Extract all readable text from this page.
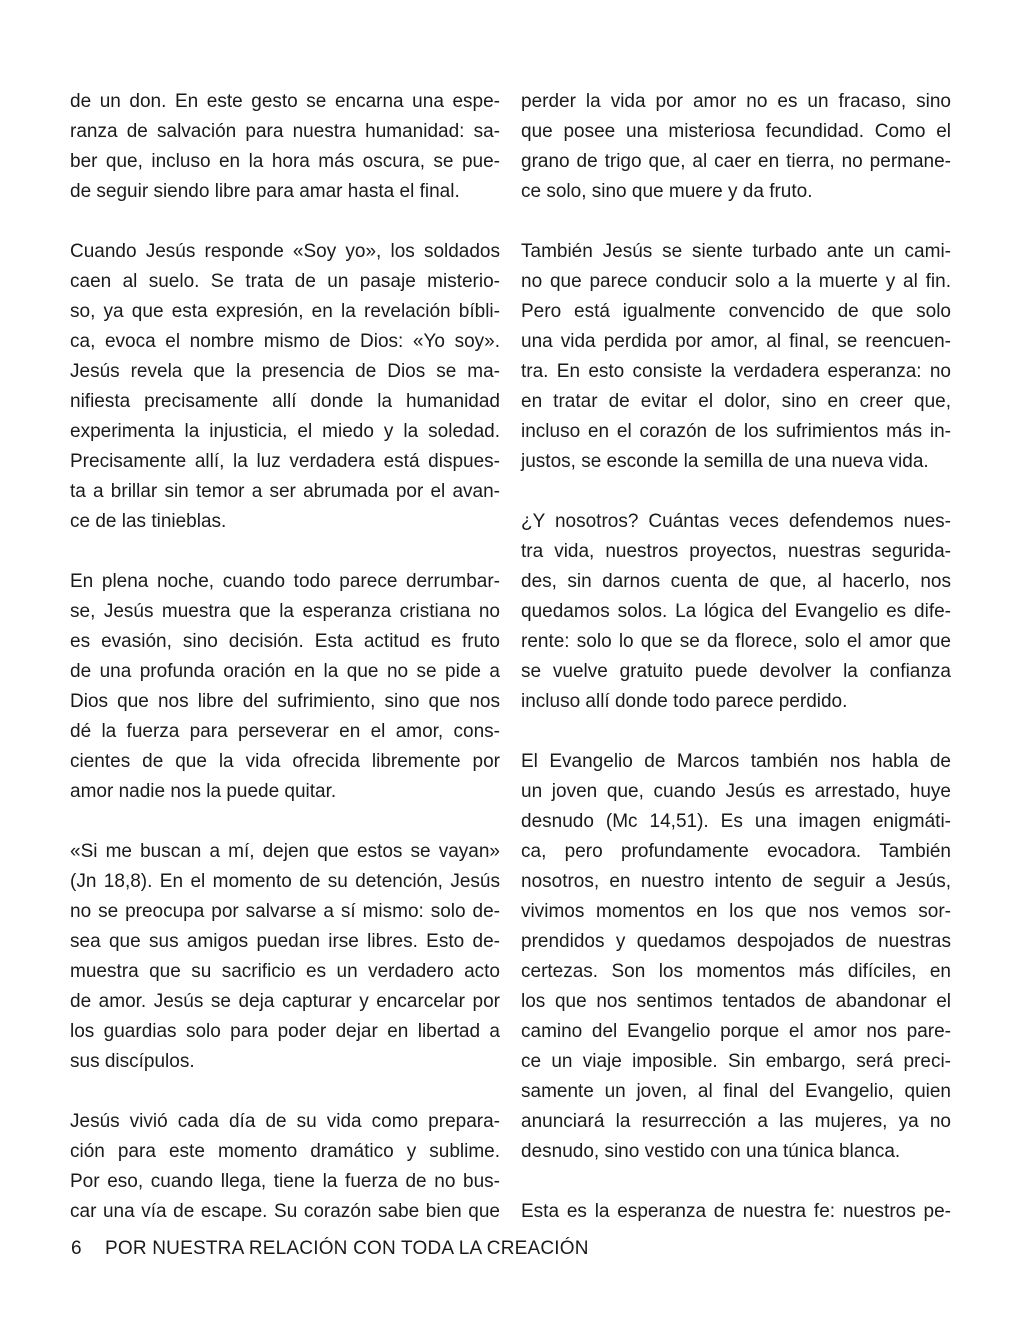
de un don. En este gesto se encarna una espe-
ranza de salvación para nuestra humanidad: sa-
ber que, incluso en la hora más oscura, se pue-
de seguir siendo libre para amar hasta el final.
Cuando Jesús responde «Soy yo», los soldados
caen al suelo. Se trata de un pasaje misterio-
so, ya que esta expresión, en la revelación bíbli-
ca, evoca el nombre mismo de Dios: «Yo soy».
Jesús revela que la presencia de Dios se ma-
nifiesta precisamente allí donde la humanidad
experimenta la injusticia, el miedo y la soledad.
Precisamente allí, la luz verdadera está dispues-
ta a brillar sin temor a ser abrumada por el avan-
ce de las tinieblas.
En plena noche, cuando todo parece derrumbar-
se, Jesús muestra que la esperanza cristiana no
es evasión, sino decisión. Esta actitud es fruto
de una profunda oración en la que no se pide a
Dios que nos libre del sufrimiento, sino que nos
dé la fuerza para perseverar en el amor, cons-
cientes de que la vida ofrecida libremente por
amor nadie nos la puede quitar.
«Si me buscan a mí, dejen que estos se vayan»
(Jn 18,8). En el momento de su detención, Jesús
no se preocupa por salvarse a sí mismo: solo de-
sea que sus amigos puedan irse libres. Esto de-
muestra que su sacrificio es un verdadero acto
de amor. Jesús se deja capturar y encarcelar por
los guardias solo para poder dejar en libertad a
sus discípulos.
Jesús vivió cada día de su vida como prepara-
ción para este momento dramático y sublime.
Por eso, cuando llega, tiene la fuerza de no bus-
car una vía de escape. Su corazón sabe bien que
perder la vida por amor no es un fracaso, sino
que posee una misteriosa fecundidad. Como el
grano de trigo que, al caer en tierra, no permane-
ce solo, sino que muere y da fruto.
También Jesús se siente turbado ante un cami-
no que parece conducir solo a la muerte y al fin.
Pero está igualmente convencido de que solo
una vida perdida por amor, al final, se reencuen-
tra. En esto consiste la verdadera esperanza: no
en tratar de evitar el dolor, sino en creer que,
incluso en el corazón de los sufrimientos más in-
justos, se esconde la semilla de una nueva vida.
¿Y nosotros? Cuántas veces defendemos nues-
tra vida, nuestros proyectos, nuestras segurida-
des, sin darnos cuenta de que, al hacerlo, nos
quedamos solos. La lógica del Evangelio es dife-
rente: solo lo que se da florece, solo el amor que
se vuelve gratuito puede devolver la confianza
incluso allí donde todo parece perdido.
El Evangelio de Marcos también nos habla de
un joven que, cuando Jesús es arrestado, huye
desnudo (Mc 14,51). Es una imagen enigmáti-
ca, pero profundamente evocadora. También
nosotros, en nuestro intento de seguir a Jesús,
vivimos momentos en los que nos vemos sor-
prendidos y quedamos despojados de nuestras
certezas. Son los momentos más difíciles, en
los que nos sentimos tentados de abandonar el
camino del Evangelio porque el amor nos pare-
ce un viaje imposible. Sin embargo, será preci-
samente un joven, al final del Evangelio, quien
anunciará la resurrección a las mujeres, ya no
desnudo, sino vestido con una túnica blanca.
Esta es la esperanza de nuestra fe: nuestros pe-
6 POR NUESTRA RELACIÓN CON TODA LA CREACIÓN
